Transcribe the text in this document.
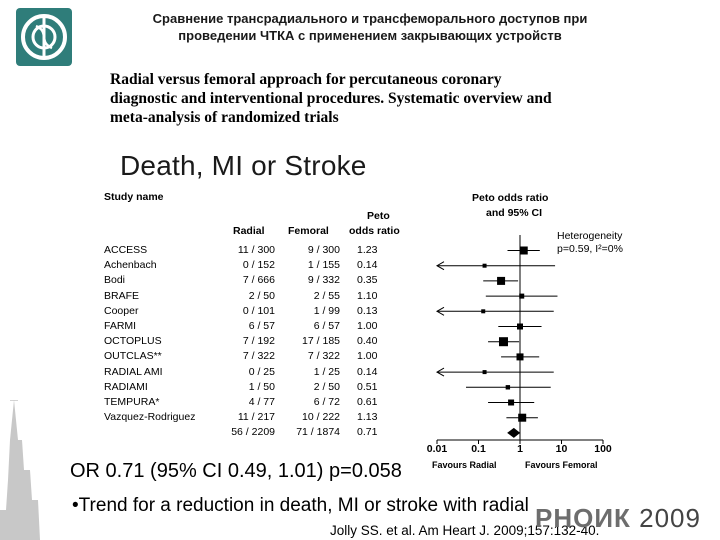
Сравнение трансрадиального и трансфеморального доступов при
проведении ЧТКА с применением закрывающих устройств
Radial versus femoral approach for percutaneous coronary
diagnostic and interventional procedures. Systematic overview and
meta-analysis of randomized trials
Death, MI or Stroke
Study name
Radial Femoral
Peto
odds ratio
Peto odds ratio
and 95% CI
ACCESS	11 / 300	9 / 300 1.23
Achenbach	0 / 152	1 / 155 0.14
Bodi	7 / 666	9 / 332 0.35
BRAFE	2 / 50	2 / 55 1.10
Cooper	0 / 101	1 / 99 0.13
FARMI	6 / 57	6 / 57 1.00
OCTOPLUS	7 / 192	17 / 185 0.40
OUTCLAS**	7 / 322	7 / 322 1.00
RADIAL AMI	0 / 25	1 / 25 0.14
RADIAMI	1 / 50	2 / 50 0.51
TEMPURA*	4 / 77	6 / 72 0.61
Vazquez-Rodriguez	11 / 217	10 / 222 1.13
56 / 2209	71 / 1874 0.71
Heterogeneity
p=0.59, I²=0%
0.01 0.1	1	10	100
Favours Radial	Favours Femoral
OR 0.71 (95% CI 0.49, 1.01) p=0.058
•Trend for a reduction in death, MI or stroke with radial
Jolly SS. et al. Am Heart J. 2009;157:132-40.
РНОИК 2009
